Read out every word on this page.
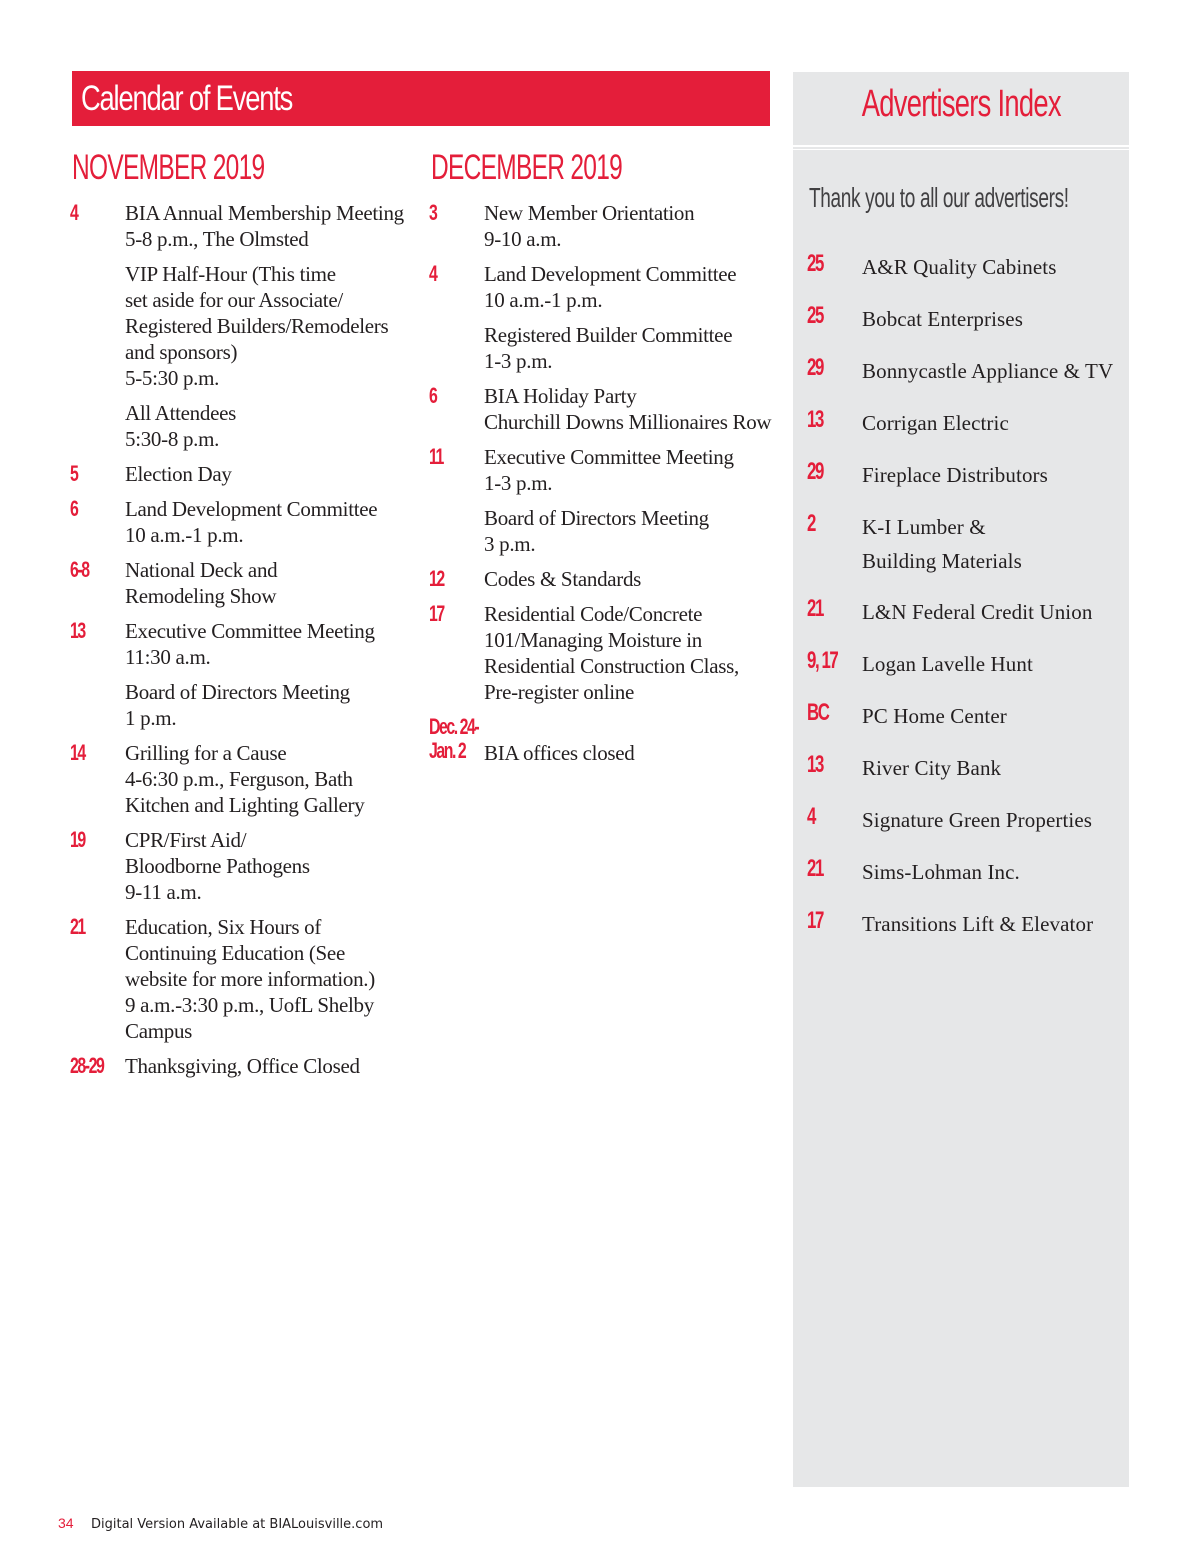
Calendar of Events
NOVEMBER 2019
4 BIA Annual Membership Meeting
5-8 p.m., The Olmsted
VIP Half-Hour (This time
set aside for our Associate/
Registered Builders/Remodelers
and sponsors)
5-5:30 p.m.
All Attendees
5:30-8 p.m.
5 Election Day
6 Land Development Committee
10 a.m.-1 p.m.
6-8	National Deck and
Remodeling Show
13 Executive Committee Meeting
11:30 a.m.
Board of Directors Meeting
1 p.m.
14 Grilling for a Cause
4-6:30 p.m., Ferguson, Bath
Kitchen and Lighting Gallery
19 CPR/First Aid/
Bloodborne Pathogens
9-11 a.m.
21 Education, Six Hours of
Continuing Education (See
website for more information.)
9 a.m.-3:30 p.m., UofL Shelby
Campus
28-29	Thanksgiving, Office Closed
DECEMBER 2019
3 New Member Orientation
9-10 a.m.
4 Land Development Committee
10 a.m.-1 p.m.
Registered Builder Committee
1-3 p.m.
6 BIA Holiday Party
Churchill Downs Millionaires Row
11 Executive Committee Meeting
1-3 p.m.
Board of Directors Meeting
3 p.m.
12 Codes & Standards
17 Residential Code/Concrete
101/Managing Moisture in
Residential Construction Class,
Pre-register online
Dec. 24-
Jan. 2
BIA offices closed
Advertisers Index
Thank you to all our advertisers!
25	A&R Quality Cabinets
25	Bobcat Enterprises
29	Bonnycastle Appliance & TV
13	Corrigan Electric
29	Fireplace Distributors
2 K-I Lumber &
Building Materials
21	L&N Federal Credit Union
9, 17	Logan Lavelle Hunt
BC	PC Home Center
13	River City Bank
4 Signature Green Properties
21	Sims-Lohman Inc.
17	Transitions Lift & Elevator
34 Digital Version Available at BIALouisville.com
